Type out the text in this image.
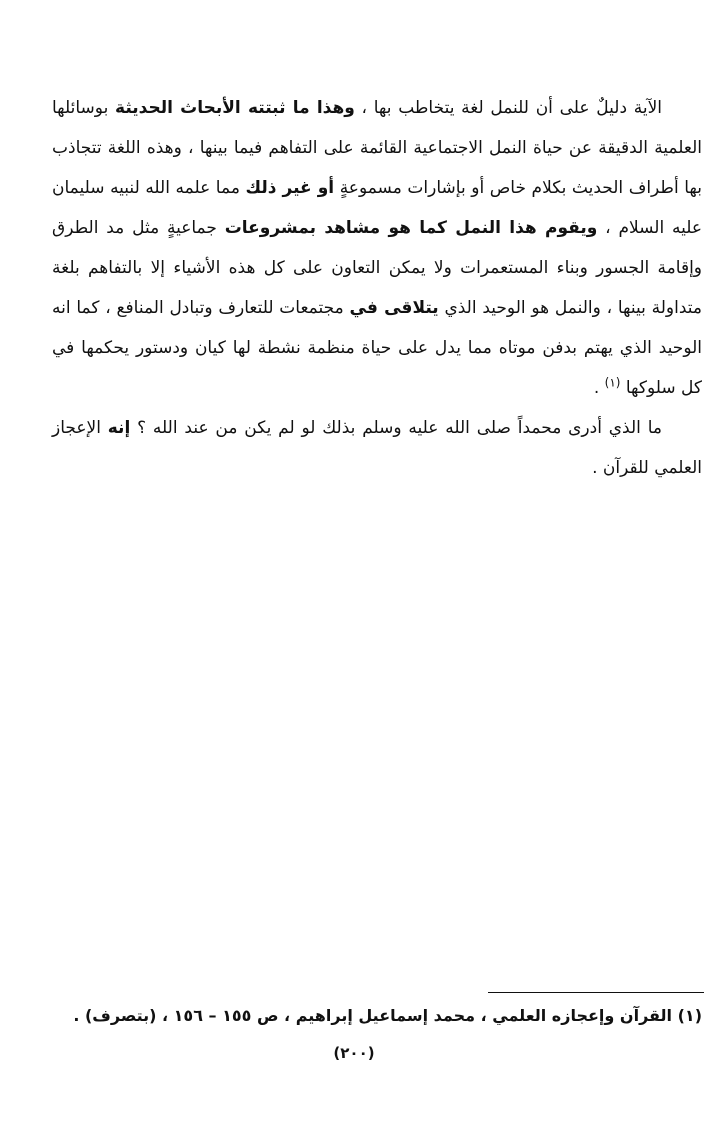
الآية دليلٌ على أن للنمل لغة يتخاطب بها ، وهذا ما ثبتته الأبحاث الحديثة بوسائلها العلمية الدقيقة عن حياة النمل الاجتماعية القائمة على التفاهم فيما بينها ، وهذه اللغة تتجاذب بها أطراف الحديث بكلام خاص أو بإشارات مسموعةٍ أو غير ذلك مما علمه الله لنبيه سليمان عليه السلام ، ويقوم هذا النمل كما هو مشاهد بمشروعات جماعيةٍ مثل مد الطرق وإقامة الجسور وبناء المستعمرات ولا يمكن التعاون على كل هذه الأشياء إلا بالتفاهم بلغة متداولة بينها ، والنمل هو الوحيد الذي يتلاقى في مجتمعات للتعارف وتبادل المنافع ، كما انه الوحيد الذي يهتم بدفن موتاه مما يدل على حياة منظمة نشطة لها كيان ودستور يحكمها في كل سلوكها $^{(١)}$ .

ما الذي أدرى محمداً صلى الله عليه وسلم بذلك لو لم يكن من عند الله ؟ إنه الإعجاز العلمي للقرآن .

(١) القرآن وإعجازه العلمي ، محمد إسماعيل إبراهيم ، ص ١٥٥ – ١٥٦ ، (بتصرف) .
(٢٠٠)
